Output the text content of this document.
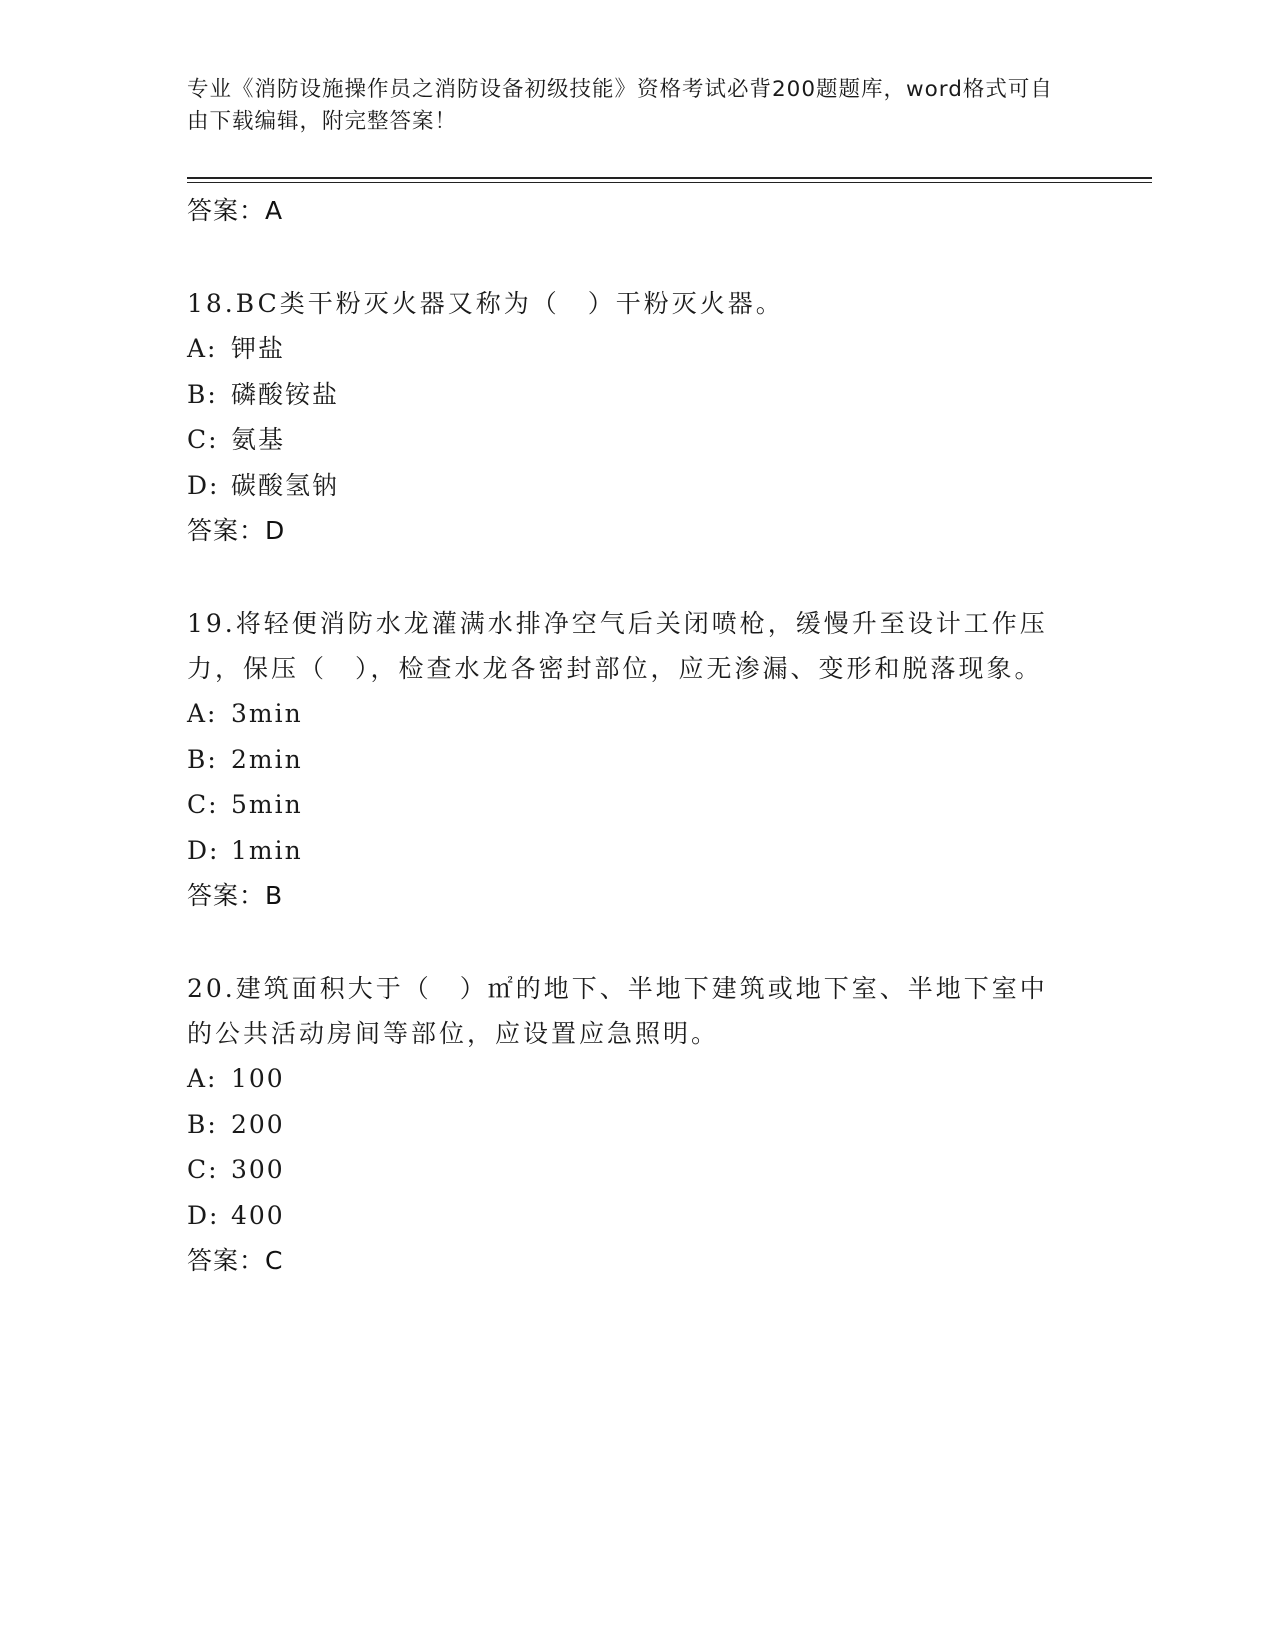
专业《消防设施操作员之消防设备初级技能》资格考试必背200题题库，word格式可自由下载编辑，附完整答案！
答案：A

18.BC类干粉灭火器又称为（　）干粉灭火器。

A: 钾盐
B: 磷酸铵盐
C: 氨基
D: 碳酸氢钠
答案：D

19.将轻便消防水龙灌满水排净空气后关闭喷枪，缓慢升至设计工作压力，保压（　），检查水龙各密封部位，应无渗漏、变形和脱落现象。

A: 3min
B: 2min
C: 5min
D: 1min
答案：B

20.建筑面积大于（　）㎡的地下、半地下建筑或地下室、半地下室中的公共活动房间等部位，应设置应急照明。

A: 100
B: 200
C: 300
D: 400
答案：C
